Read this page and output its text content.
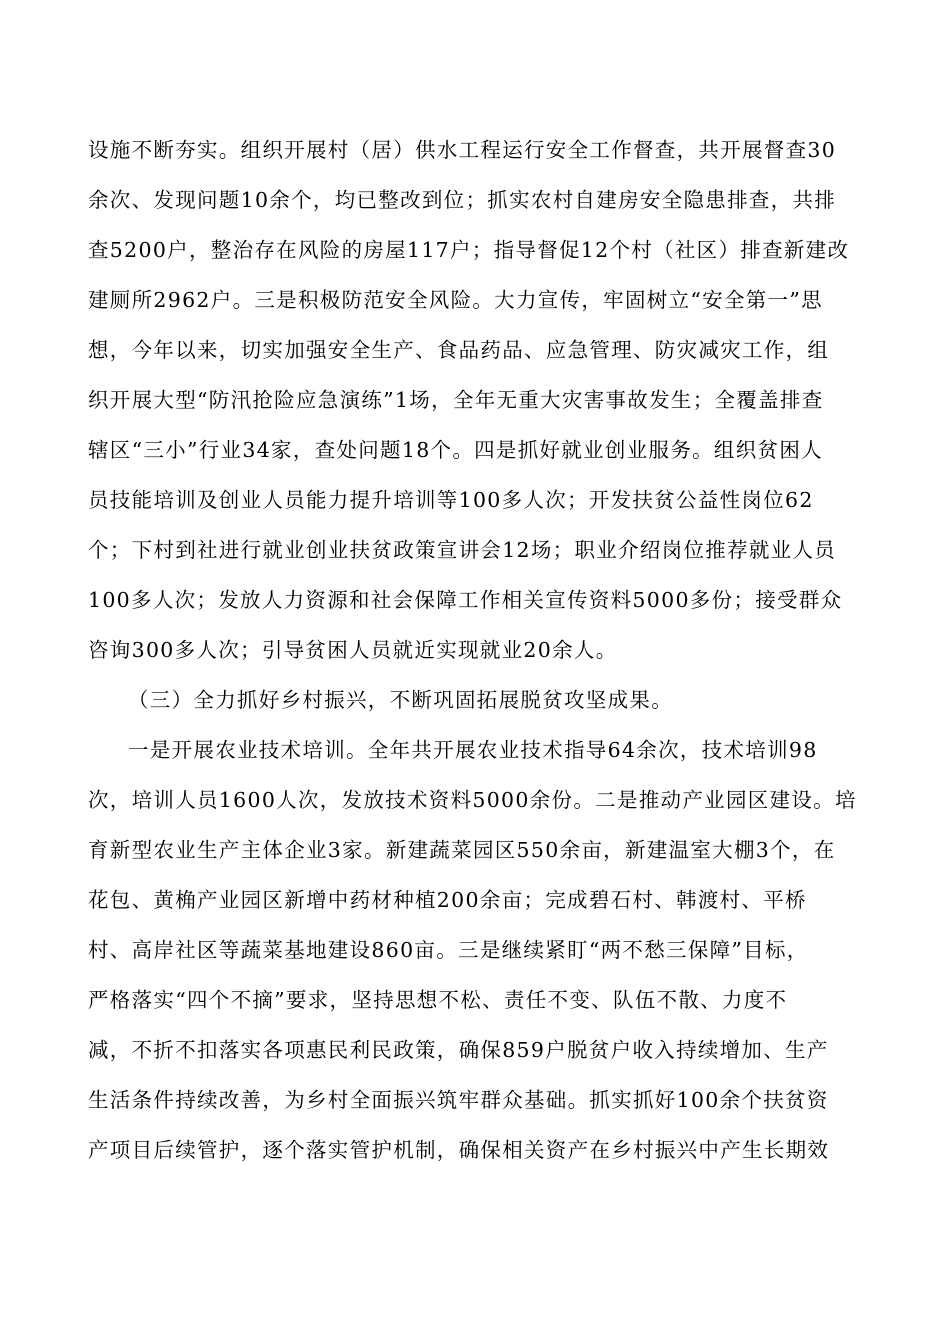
设施不断夯实。组织开展村（居）供水工程运行安全工作督查，共开展督查30
余次、发现问题10余个，均已整改到位；抓实农村自建房安全隐患排查，共排
查5200户，整治存在风险的房屋117户；指导督促12个村（社区）排查新建改
建厕所2962户。三是积极防范安全风险。大力宣传，牢固树立“安全第一”思
想，今年以来，切实加强安全生产、食品药品、应急管理、防灾减灾工作，组
织开展大型“防汛抢险应急演练”1场，全年无重大灾害事故发生；全覆盖排查
辖区“三小”行业34家，查处问题18个。四是抓好就业创业服务。组织贫困人
员技能培训及创业人员能力提升培训等100多人次；开发扶贫公益性岗位62
个；下村到社进行就业创业扶贫政策宣讲会12场；职业介绍岗位推荐就业人员
100多人次；发放人力资源和社会保障工作相关宣传资料5000多份；接受群众
咨询300多人次；引导贫困人员就近实现就业20余人。
（三）全力抓好乡村振兴，不断巩固拓展脱贫攻坚成果。
一是开展农业技术培训。全年共开展农业技术指导64余次，技术培训98
次，培训人员1600人次，发放技术资料5000余份。二是推动产业园区建设。培
育新型农业生产主体企业3家。新建蔬菜园区550余亩，新建温室大棚3个，在
花包、黄桷产业园区新增中药材种植200余亩；完成碧石村、韩渡村、平桥
村、高岸社区等蔬菜基地建设860亩。三是继续紧盯“两不愁三保障”目标，
严格落实“四个不摘”要求，坚持思想不松、责任不变、队伍不散、力度不
减，不折不扣落实各项惠民利民政策，确保859户脱贫户收入持续增加、生产
生活条件持续改善，为乡村全面振兴筑牢群众基础。抓实抓好100余个扶贫资
产项目后续管护，逐个落实管护机制，确保相关资产在乡村振兴中产生长期效
